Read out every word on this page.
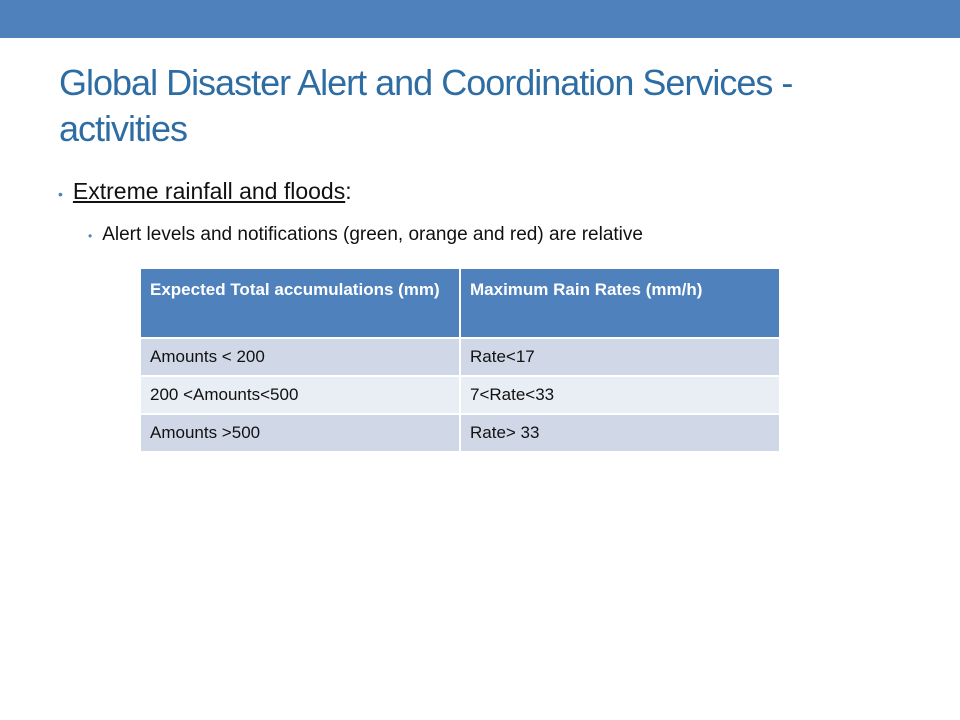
Global Disaster Alert and Coordination Services - activities
• Extreme rainfall and floods:
• Alert levels and notifications (green, orange and red) are relative
Expected Total accumulations (mm)	Maximum Rain Rates (mm/h)
Amounts < 200	Rate<17
200 <Amounts<500	7<Rate<33
Amounts >500	Rate> 33
